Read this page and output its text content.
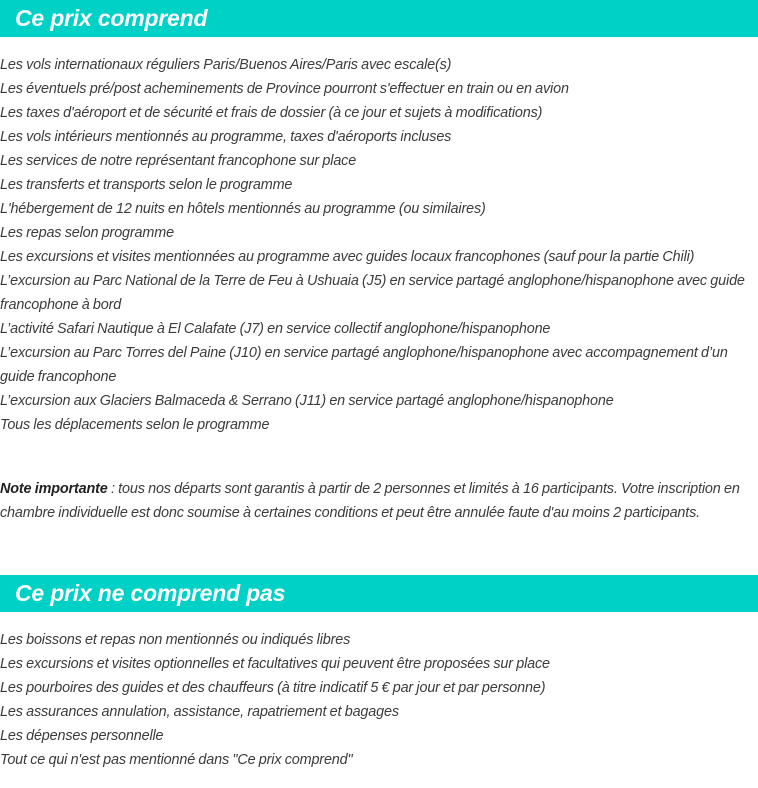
Ce prix comprend
Les vols internationaux réguliers Paris/Buenos Aires/Paris avec escale(s)
Les éventuels pré/post acheminements de Province pourront s'effectuer en train ou en avion
Les taxes d'aéroport et de sécurité et frais de dossier (à ce jour et sujets à modifications)
Les vols intérieurs mentionnés au programme, taxes d'aéroports incluses
Les services de notre représentant francophone sur place
Les transferts et transports selon le programme
L'hébergement de 12 nuits en hôtels mentionnés au programme (ou similaires)
Les repas selon programme
Les excursions et visites mentionnées au programme avec guides locaux francophones (sauf pour la partie Chili)
L’excursion au Parc National de la Terre de Feu à Ushuaia (J5) en service partagé anglophone/hispanophone avec guide francophone à bord
L’activité Safari Nautique à El Calafate (J7) en service collectif anglophone/hispanophone
L’excursion au Parc Torres del Paine (J10) en service partagé anglophone/hispanophone avec accompagnement d’un guide francophone
L’excursion aux Glaciers Balmaceda & Serrano (J11) en service partagé anglophone/hispanophone
Tous les déplacements selon le programme

Note importante : tous nos départs sont garantis à partir de 2 personnes et limités à 16 participants. Votre inscription en chambre individuelle est donc soumise à certaines conditions et peut être annulée faute d'au moins 2 participants.

Ce prix ne comprend pas
Les boissons et repas non mentionnés ou indiqués libres
Les excursions et visites optionnelles et facultatives qui peuvent être proposées sur place
Les pourboires des guides et des chauffeurs (à titre indicatif 5 € par jour et par personne)
Les assurances annulation, assistance, rapatriement et bagages
Les dépenses personnelle
Tout ce qui n'est pas mentionné dans "Ce prix comprend"
